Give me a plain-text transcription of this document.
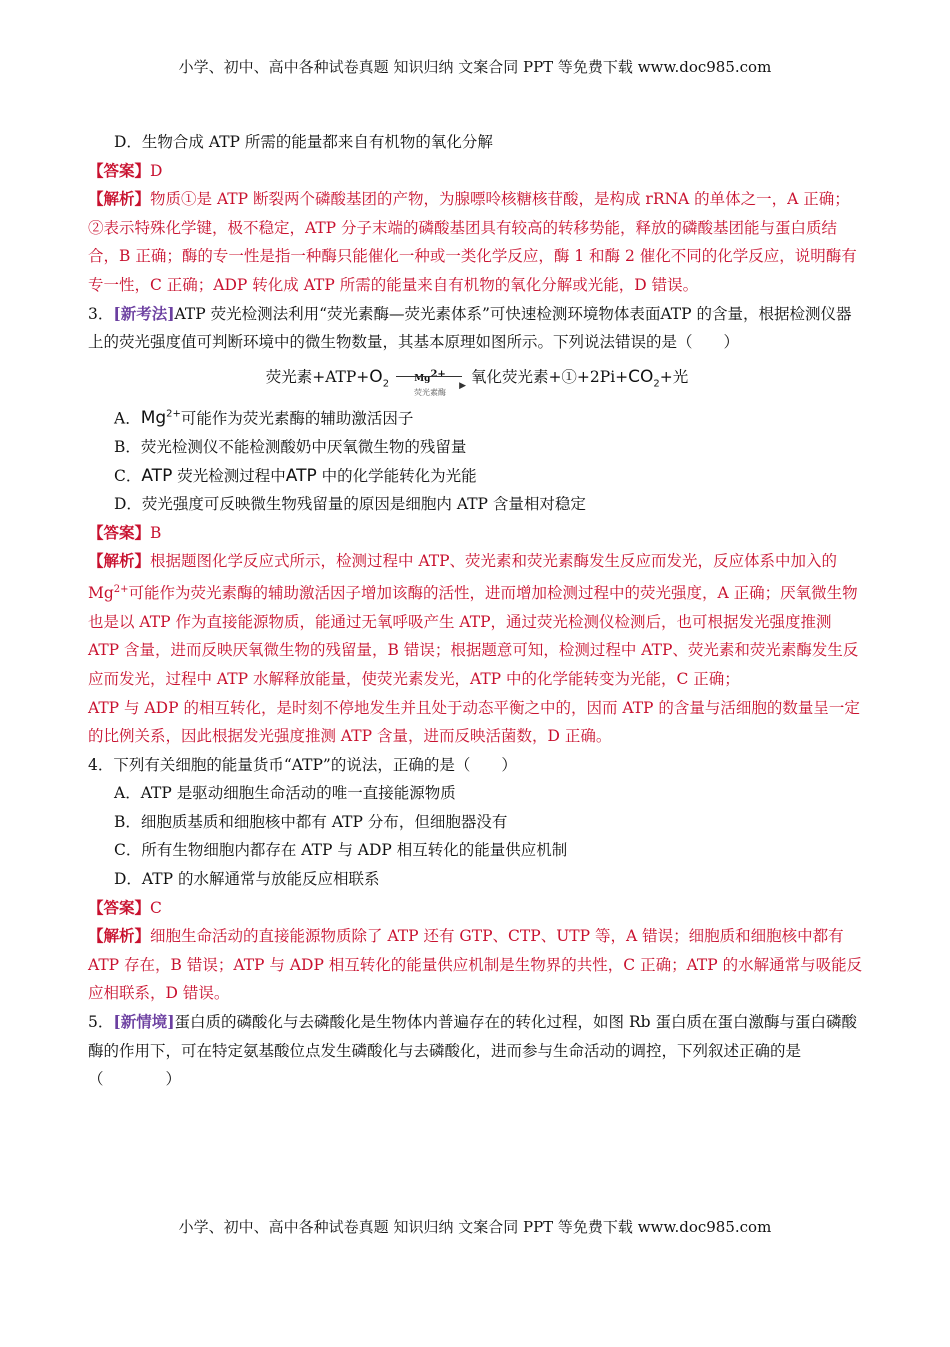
小学、初中、高中各种试卷真题 知识归纳 文案合同 PPT 等免费下载 www.doc985.com

D．生物合成 ATP 所需的能量都来自有机物的氧化分解

【答案】D

【解析】物质①是 ATP 断裂两个磷酸基团的产物，为腺嘌呤核糖核苷酸，是构成 rRNA 的单体之一，A 正确；

②表示特殊化学键，极不稳定，ATP 分子末端的磷酸基团具有较高的转移势能，释放的磷酸基团能与蛋白质结合，B 正确；酶的专一性是指一种酶只能催化一种或一类化学反应，酶 1 和酶 2 催化不同的化学反应，说明酶有专一性，C 正确；ADP 转化成 ATP 所需的能量来自有机物的氧化分解或光能，D 错误。

3．[新考法]ATP 荧光检测法利用“荧光素酶—荧光素体系”可快速检测环境物体表面ATP 的含量，根据检测仪器上的荧光强度值可判断环境中的微生物数量，其基本原理如图所示。下列说法错误的是（　　）

荧光素$+ATP+O_2$	Mg2+
▶
荧光素酶
氧化荧光素$+①+2Pi+CO_2+$光

A．$Mg^{2+}$可能作为荧光素酶的辅助激活因子

B．荧光检测仪不能检测酸奶中厌氧微生物的残留量

C．ATP 荧光检测过程中ATP 中的化学能转化为光能

D．荧光强度可反映微生物残留量的原因是细胞内 ATP 含量相对稳定

【答案】B

【解析】根据题图化学反应式所示，检测过程中 ATP、荧光素和荧光素酶发生反应而发光，反应体系中加入的 $Mg^{2+}$可能作为荧光素酶的辅助激活因子增加该酶的活性，进而增加检测过程中的荧光强度，A 正确；厌氧微生物也是以 ATP 作为直接能源物质，能通过无氧呼吸产生 ATP，通过荧光检测仪检测后，也可根据发光强度推测 ATP 含量，进而反映厌氧微生物的残留量，B 错误；根据题意可知，检测过程中 ATP、荧光素和荧光素酶发生反应而发光，过程中 ATP 水解释放能量，使荧光素发光，ATP 中的化学能转变为光能，C 正确；

ATP 与 ADP 的相互转化，是时刻不停地发生并且处于动态平衡之中的，因而 ATP 的含量与活细胞的数量呈一定的比例关系，因此根据发光强度推测 ATP 含量，进而反映活菌数，D 正确。

4．下列有关细胞的能量货币“ATP”的说法，正确的是（　　）

A．ATP 是驱动细胞生命活动的唯一直接能源物质

B．细胞质基质和细胞核中都有 ATP 分布，但细胞器没有

C．所有生物细胞内都存在 ATP 与 ADP 相互转化的能量供应机制

D．ATP 的水解通常与放能反应相联系

【答案】C

【解析】细胞生命活动的直接能源物质除了 ATP 还有 GTP、CTP、UTP 等，A 错误；细胞质和细胞核中都有 ATP 存在，B 错误；ATP 与 ADP 相互转化的能量供应机制是生物界的共性，C 正确；ATP 的水解通常与吸能反应相联系，D 错误。

5．[新情境]蛋白质的磷酸化与去磷酸化是生物体内普遍存在的转化过程，如图 Rb 蛋白质在蛋白激酶与蛋白磷酸酶的作用下，可在特定氨基酸位点发生磷酸化与去磷酸化，进而参与生命活动的调控，下列叙述正确的是（　　　　）

小学、初中、高中各种试卷真题 知识归纳 文案合同 PPT 等免费下载 www.doc985.com
